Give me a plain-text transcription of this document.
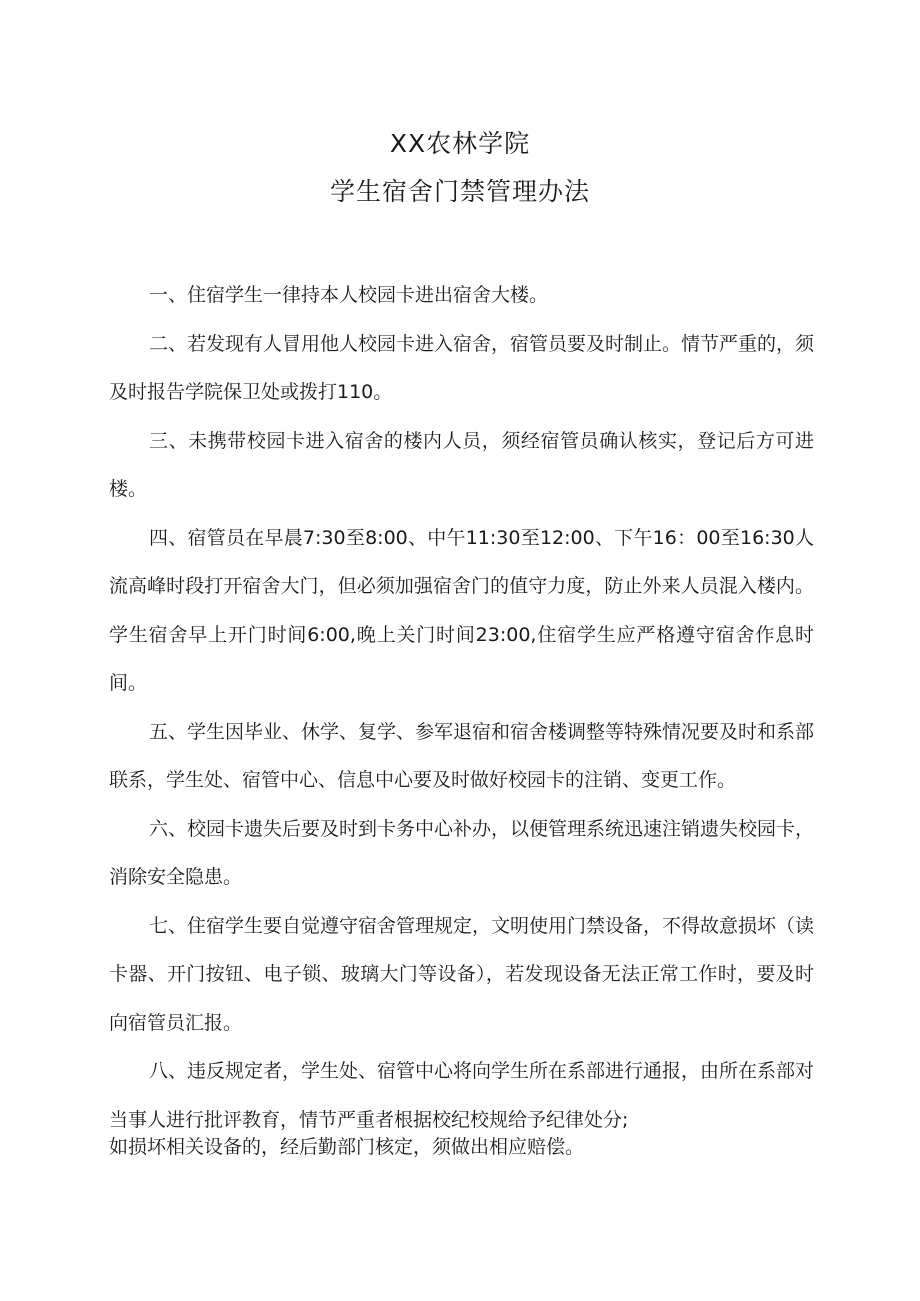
XX农林学院
学生宿舍门禁管理办法

一、住宿学生一律持本人校园卡进出宿舍大楼。

二、若发现有人冒用他人校园卡进入宿舍，宿管员要及时制止。情节严重的，须及时报告学院保卫处或拨打110。

三、未携带校园卡进入宿舍的楼内人员，须经宿管员确认核实，登记后方可进楼。

四、宿管员在早晨7:30至8:00、中午11:30至12:00、下午16：00至16:30人流高峰时段打开宿舍大门，但必须加强宿舍门的值守力度，防止外来人员混入楼内。学生宿舍早上开门时间6:00,晚上关门时间23:00,住宿学生应严格遵守宿舍作息时间。

五、学生因毕业、休学、复学、参军退宿和宿舍楼调整等特殊情况要及时和系部联系，学生处、宿管中心、信息中心要及时做好校园卡的注销、变更工作。

六、校园卡遗失后要及时到卡务中心补办，以便管理系统迅速注销遗失校园卡，消除安全隐患。

七、住宿学生要自觉遵守宿舍管理规定，文明使用门禁设备，不得故意损坏（读卡器、开门按钮、电子锁、玻璃大门等设备），若发现设备无法正常工作时，要及时向宿管员汇报。

八、违反规定者，学生处、宿管中心将向学生所在系部进行通报，由所在系部对当事人进行批评教育，情节严重者根据校纪校规给予纪律处分;

如损坏相关设备的，经后勤部门核定，须做出相应赔偿。
